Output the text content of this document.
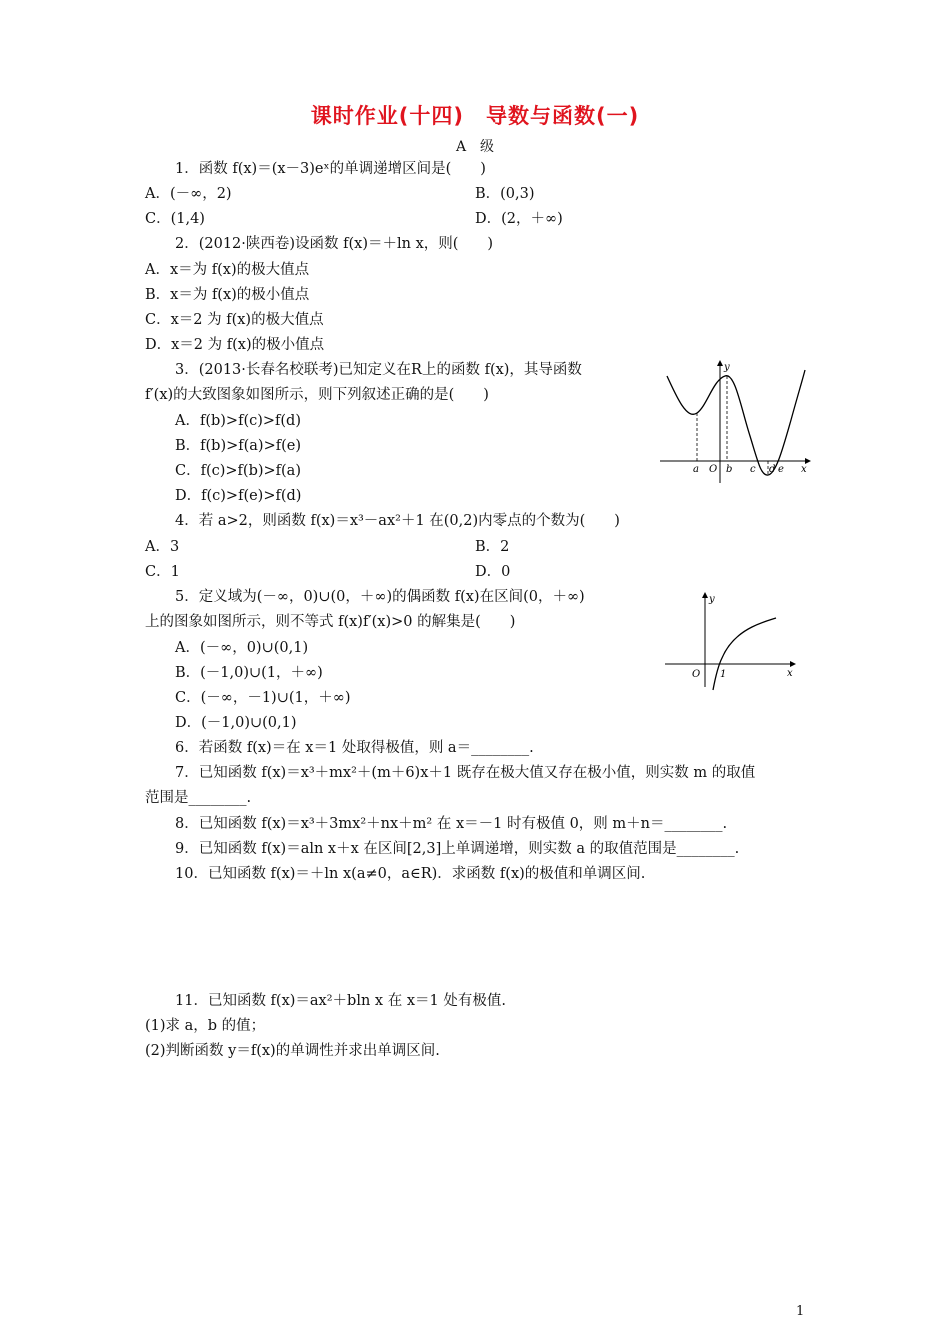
课时作业(十四)　导数与函数(一)
A　级
1．函数 f(x)＝(x－3)eˣ的单调递增区间是(　　)
A．(－∞，2)	B．(0,3)
C．(1,4)	D．(2，＋∞)
2．(2012·陕西卷)设函数 f(x)＝＋ln x，则(　　)
A．x＝为 f(x)的极大值点
B．x＝为 f(x)的极小值点
C．x＝2 为 f(x)的极大值点
D．x＝2 为 f(x)的极小值点
3．(2013·长春名校联考)已知定义在R上的函数 f(x)，其导函数
f′(x)的大致图象如图所示，则下列叙述正确的是(　　)
A．f(b)>f(c)>f(d)
B．f(b)>f(a)>f(e)
C．f(c)>f(b)>f(a)
D．f(c)>f(e)>f(d)
y
x
a O b c d e
4．若 a>2，则函数 f(x)＝x³－ax²＋1 在(0,2)内零点的个数为(　　)
A．3	B．2
C．1	D．0
5．定义域为(－∞，0)∪(0，＋∞)的偶函数 f(x)在区间(0，＋∞)
上的图象如图所示，则不等式 f(x)f′(x)>0 的解集是(　　)
A．(－∞，0)∪(0,1)
B．(－1,0)∪(1，＋∞)
C．(－∞，－1)∪(1，＋∞)
D．(－1,0)∪(0,1)
y
x
O 1
6．若函数 f(x)＝在 x＝1 处取得极值，则 a＝________.
7．已知函数 f(x)＝x³＋mx²＋(m＋6)x＋1 既存在极大值又存在极小值，则实数 m 的取值
范围是________.
8．已知函数 f(x)＝x³＋3mx²＋nx＋m² 在 x＝－1 时有极值 0，则 m＋n＝________.
9．已知函数 f(x)＝aln x＋x 在区间[2,3]上单调递增，则实数 a 的取值范围是________.
10．已知函数 f(x)＝＋ln x(a≠0，a∈R)．求函数 f(x)的极值和单调区间.
11．已知函数 f(x)＝ax²＋bln x 在 x＝1 处有极值.
(1)求 a，b 的值；
(2)判断函数 y＝f(x)的单调性并求出单调区间.
1
